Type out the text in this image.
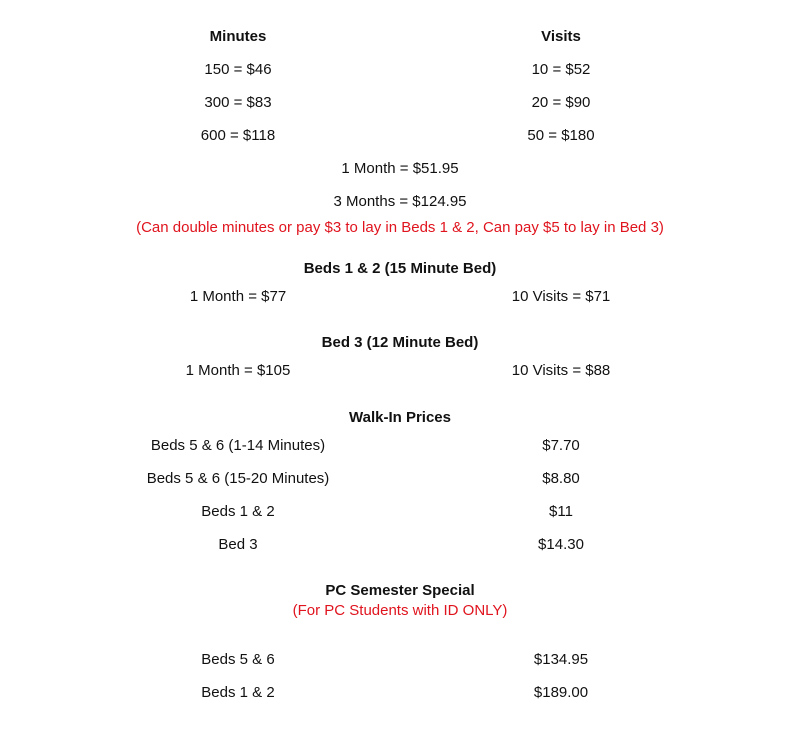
Minutes	Visits
150 = $46	10 = $52
300 = $83	20 = $90
600 = $118	50 = $180
1 Month = $51.95
3 Months = $124.95
(Can double minutes or pay $3 to lay in Beds 1 & 2, Can pay $5 to lay in Bed 3)
Beds 1 & 2 (15 Minute Bed)
1 Month = $77	10 Visits = $71
Bed 3 (12 Minute Bed)
1 Month = $105	10 Visits = $88
Walk-In Prices
Beds 5 & 6 (1-14 Minutes)	$7.70
Beds 5 & 6 (15-20 Minutes)	$8.80
Beds 1 & 2	$11
Bed 3	$14.30
PC Semester Special
(For PC Students with ID ONLY)
Beds 5 & 6	$134.95
Beds 1 & 2	$189.00
